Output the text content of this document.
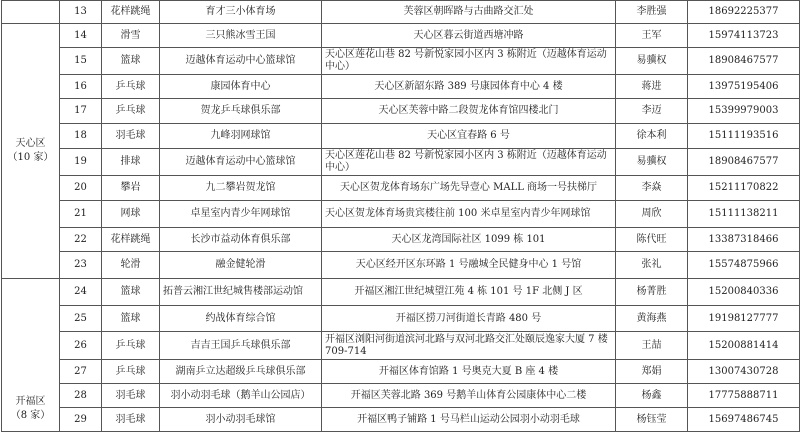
	13	花样跳绳	育才三小体育场	芙蓉区朝晖路与古曲路交汇处	李胜强	18692225377

天心区
（10 家）	14	滑雪	三只熊冰雪王国	天心区暮云街道西塘冲路	王军	15974113723
	15	篮球	迈越体育运动中心篮球馆	天心区莲花山巷 82 号新悦家园小区内 3 栋附近（迈越体育运动中心）	易骥权	18908467577
	16	乒乓球	康园体育中心	天心区新韶东路 389 号康园体育中心 4 楼	蒋进	13975195406
	17	乒乓球	贺龙乒乓球俱乐部	天心区芙蓉中路二段贺龙体育馆四楼北门	李迈	15399979003
	18	羽毛球	九峰羽网球馆	天心区宜春路 6 号	徐本利	15111193516
	19	排球	迈越体育运动中心篮球馆	天心区莲花山巷 82 号新悦家园小区内 3 栋附近（迈越体育运动中心）	易骥权	18908467577
	20	攀岩	九二攀岩贺龙馆	天心区贺龙体育场东广场先导壹心 MALL 商场一号扶梯厅	李焱	15211170822
	21	网球	卓星室内青少年网球馆	天心区贺龙体育场贵宾楼往前 100 米卓星室内青少年网球馆	周欣	15111138211
	22	花样跳绳	长沙市益动体育俱乐部	天心区龙湾国际社区 1099 栋 101	陈代旺	13387318466
	23	轮滑	融金健轮滑	天心区经开区东环路 1 号融城全民健身中心 1 号馆	张礼	15574875966

开福区
（8 家）	24	篮球	拓普云湘江世纪城售楼部运动馆	开福区湘江世纪城望江苑 4 栋 101 号 1F 北侧 J 区	杨菁胜	15200840336
	25	篮球	约战体育综合馆	开福区捞刀河街道长青路 480 号	黄海燕	19198127777
	26	乒乓球	吉吉王国乒乓球俱乐部	开福区浏阳河街道滨河北路与双河北路交汇处颐辰逸家大厦 7 楼 709-714	王喆	15200881414
	27	乒乓球	湖南乒立达超级乒乓球俱乐部	开福区体育馆路 1 号奥克大夏 B 座 4 楼	郑娟	13007430728
	28	羽毛球	羽小动羽毛球（鹅羊山公园店）	开福区芙蓉北路 369 号鹅羊山体育公园康体中心二楼	杨鑫	17775888711
	29	羽毛球	羽小动羽毛球馆	开福区鸭子铺路 1 号马栏山运动公园羽小动羽毛球	杨钰莹	15697486745
